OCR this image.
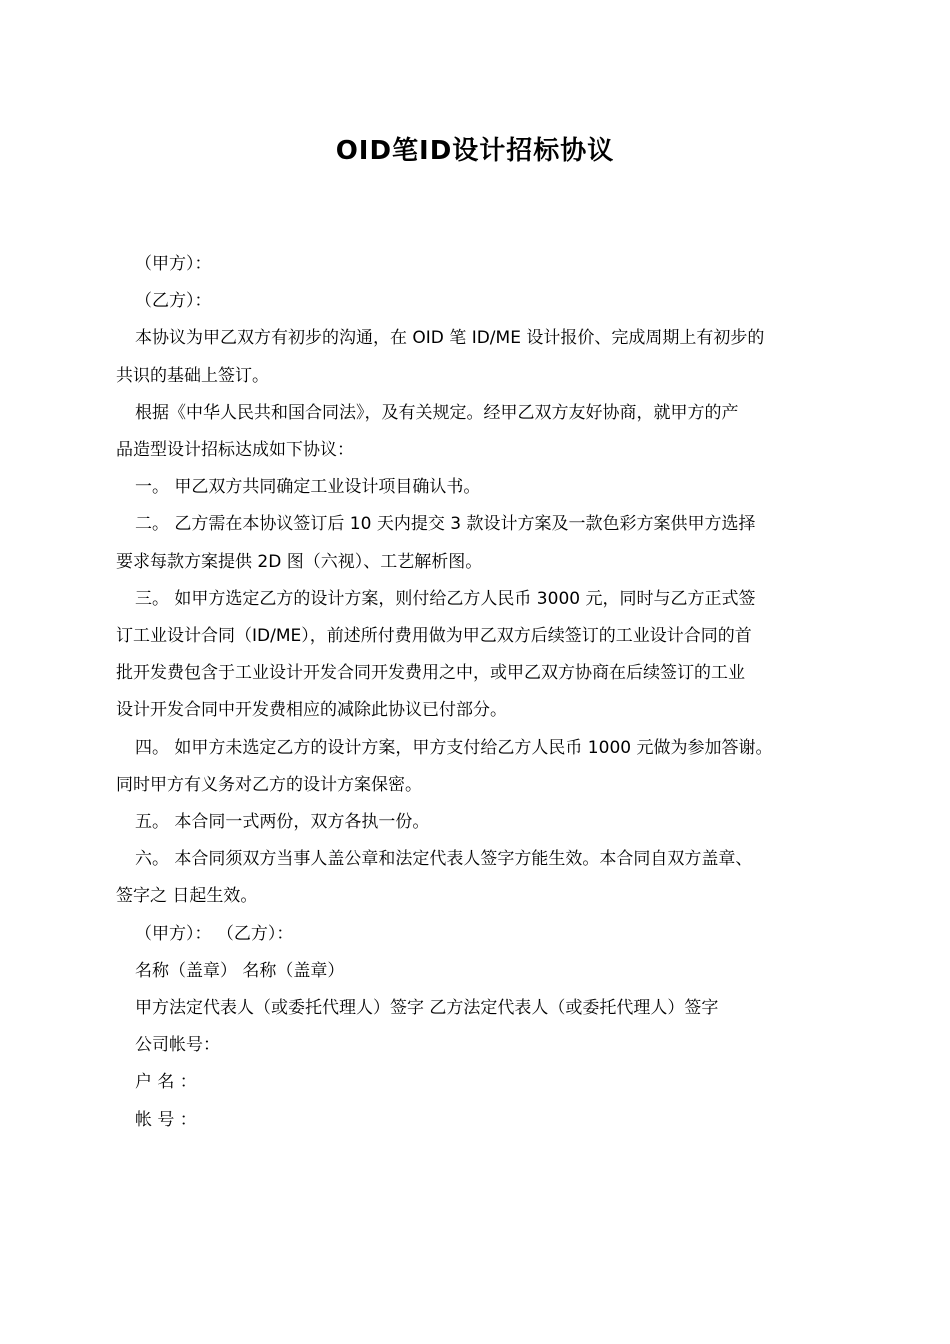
OID笔ID设计招标协议
（甲方）：
（乙方）：
本协议为甲乙双方有初步的沟通，在 OID 笔 ID/ME 设计报价、完成周期上有初步的
共识的基础上签订。
根据《中华人民共和国合同法》，及有关规定。经甲乙双方友好协商，就甲方的产
品造型设计招标达成如下协议：
一。 甲乙双方共同确定工业设计项目确认书。
二。 乙方需在本协议签订后 10 天内提交 3 款设计方案及一款色彩方案供甲方选择
要求每款方案提供 2D 图（六视）、工艺解析图。
三。 如甲方选定乙方的设计方案，则付给乙方人民币 3000 元，同时与乙方正式签
订工业设计合同（ID/ME），前述所付费用做为甲乙双方后续签订的工业设计合同的首
批开发费包含于工业设计开发合同开发费用之中，或甲乙双方协商在后续签订的工业
设计开发合同中开发费相应的减除此协议已付部分。
四。 如甲方未选定乙方的设计方案，甲方支付给乙方人民币 1000 元做为参加答谢。
同时甲方有义务对乙方的设计方案保密。
五。 本合同一式两份，双方各执一份。
六。 本合同须双方当事人盖公章和法定代表人签字方能生效。本合同自双方盖章、
签字之 日起生效。
（甲方）： （乙方）：
名称（盖章） 名称（盖章）
甲方法定代表人（或委托代理人）签字 乙方法定代表人（或委托代理人）签字
公司帐号：
户 名 ：
帐 号 ：
